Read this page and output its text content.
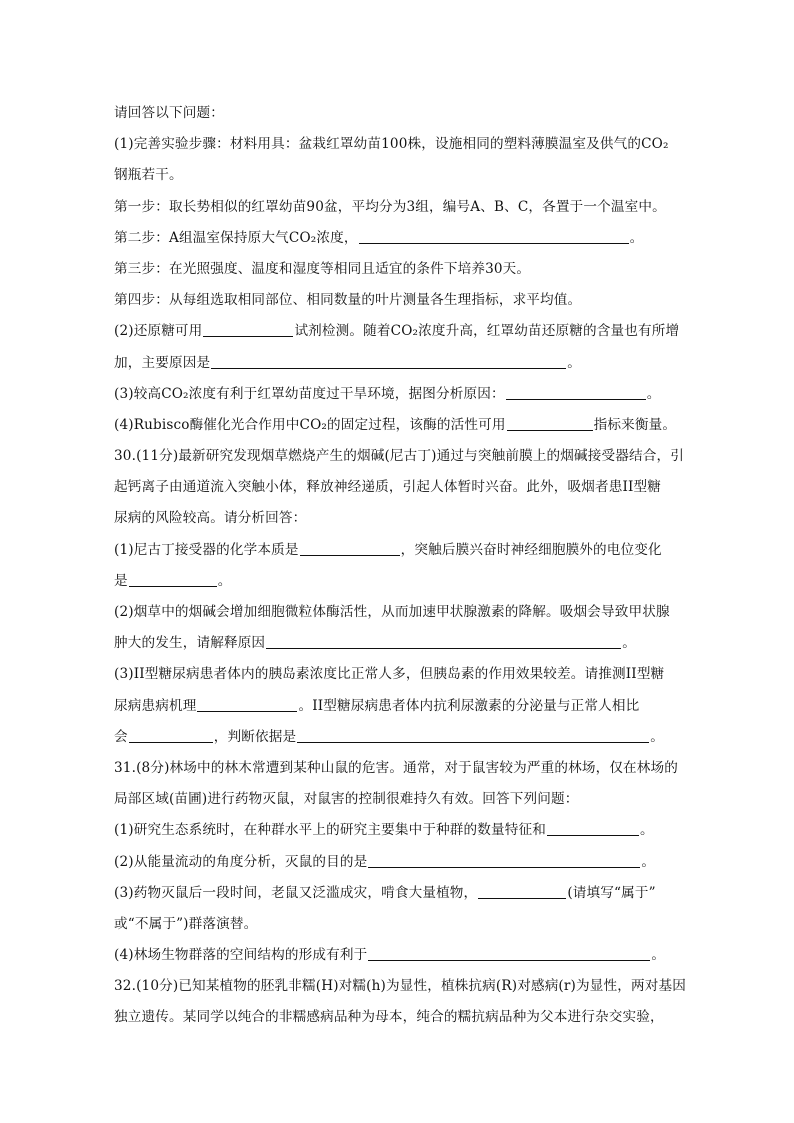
请回答以下问题：
(1)完善实验步骤：材料用具：盆栽红罩幼苗100株，设施相同的塑料薄膜温室及供气的CO₂
钢瓶若干。
第一步：取长势相似的红罩幼苗90盆，平均分为3组，编号A、B、C，各置于一个温室中。
第二步：A组温室保持原大气CO₂浓度，	。
第三步：在光照强度、温度和湿度等相同且适宜的条件下培养30天。
第四步：从每组选取相同部位、相同数量的叶片测量各生理指标，求平均值。
(2)还原糖可用	试剂检测。随着CO₂浓度升高，红罩幼苗还原糖的含量也有所增
加，主要原因是	。
(3)较高CO₂浓度有利于红罩幼苗度过干旱环境，据图分析原因：	。
(4)Rubisco酶催化光合作用中CO₂的固定过程，该酶的活性可用	指标来衡量。
30.(11分)最新研究发现烟草燃烧产生的烟碱(尼古丁)通过与突触前膜上的烟碱接受器结合，引
起钙离子由通道流入突触小体，释放神经递质，引起人体暂时兴奋。此外，吸烟者患II型糖
尿病的风险较高。请分析回答：
(1)尼古丁接受器的化学本质是	，突触后膜兴奋时神经细胞膜外的电位变化
是	。
(2)烟草中的烟碱会增加细胞微粒体酶活性，从而加速甲状腺激素的降解。吸烟会导致甲状腺
肿大的发生，请解释原因	。
(3)II型糖尿病患者体内的胰岛素浓度比正常人多，但胰岛素的作用效果较差。请推测II型糖
尿病患病机理	。II型糖尿病患者体内抗利尿激素的分泌量与正常人相比
会	，判断依据是	。
31.(8分)林场中的林木常遭到某种山鼠的危害。通常，对于鼠害较为严重的林场，仅在林场的
局部区域(苗圃)进行药物灭鼠，对鼠害的控制很难持久有效。回答下列问题：
(1)研究生态系统时，在种群水平上的研究主要集中于种群的数量特征和	。
(2)从能量流动的角度分析，灭鼠的目的是	。
(3)药物灭鼠后一段时间，老鼠又泛滥成灾，啃食大量植物，	(请填写“属于”
或“不属于”)群落演替。
(4)林场生物群落的空间结构的形成有利于	。
32.(10分)已知某植物的胚乳非糯(H)对糯(h)为显性，植株抗病(R)对感病(r)为显性，两对基因
独立遗传。某同学以纯合的非糯感病品种为母本，纯合的糯抗病品种为父本进行杂交实验，
